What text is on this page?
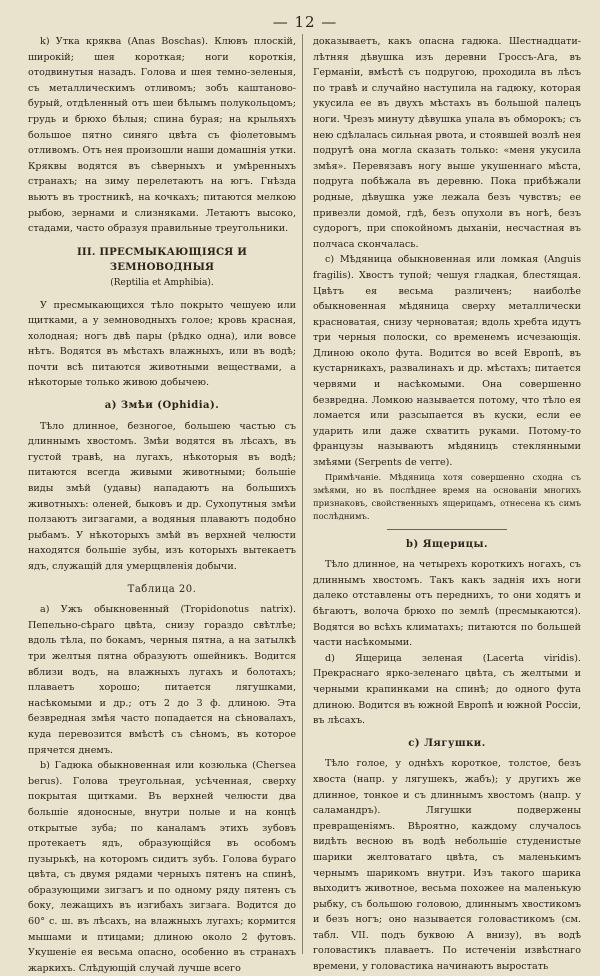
— 12 —

k) Утка кряква (Anas Boschas). Клювъ плоскій, широкій; шея короткая; ноги короткія, отодвинутыя назадъ. Голова и шея темно-зеленыя, съ металлическимъ отливомъ; зобъ каштаново-бурый, отдѣленный отъ шеи бѣлымъ полукольцомъ; грудь и брюхо бѣлыя; спина бурая; на крыльяхъ большое пятно синяго цвѣта съ фіолетовымъ отливомъ. Отъ нея произошли наши домашнія утки. Кряквы водятся въ сѣверныхъ и умѣренныхъ странахъ; на зиму перелетаютъ на югъ. Гнѣзда вьютъ въ тростникѣ, на кочкахъ; питаются мелкою рыбою, зернами и слизняками. Летаютъ высоко, стадами, часто образуя правильные треугольники.

III. ПРЕСМЫКАЮЩІЯСЯ И ЗЕМНОВОДНЫЯ
(Reptilia et Amphibia).

У пресмыкающихся тѣло покрыто чешуею или щитками, а у земноводныхъ голое; кровь красная, холодная; ногъ двѣ пары (рѣдко одна), или вовсе нѣтъ. Водятся въ мѣстахъ влажныхъ, или въ водѣ; почти всѣ питаются животными веществами, а нѣкоторые только живою добычею.

а) Змѣи (Ophidia).

Тѣло длинное, безногое, большею частью съ длиннымъ хвостомъ. Змѣи водятся въ лѣсахъ, въ густой травѣ, на лугахъ, нѣкоторыя въ водѣ; питаются всегда живыми животными; большіе виды змѣй (удавы) нападаютъ на большихъ животныхъ: оленей, быковъ и др. Сухопутныя змѣи ползаютъ зигзагами, а водяныя плаваютъ подобно рыбамъ. У нѣкоторыхъ змѣй въ верхней челюсти находятся большіе зубы, изъ которыхъ вытекаетъ ядъ, служащій для умерщвленія добычи.

Таблица 20.

a) Ужъ обыкновенный (Tropidonotus natrix). Пепельно-сѣраго цвѣта, снизу гораздо свѣтлѣе; вдоль тѣла, по бокамъ, черныя пятна, а на затылкѣ три желтыя пятна образуютъ ошейникъ. Водится вблизи водъ, на влажныхъ лугахъ и болотахъ; плаваетъ хорошо; питается лягушками, насѣкомыми и др.; отъ 2 до 3 ф. длиною. Эта безвредная змѣя часто попадается на сѣновалахъ, куда перевозится вмѣстѣ съ сѣномъ, въ которое прячется днемъ.

b) Гадюка обыкновенная или козюлька (Chersea berus). Голова треугольная, усѣченная, сверху покрытая щитками. Въ верхней челюсти два большіе ядоносные, внутри полые и на концѣ открытые зуба; по каналамъ этихъ зубовъ протекаетъ ядъ, образующійся въ особомъ пузырькѣ, на которомъ сидитъ зубъ. Голова бураго цвѣта, съ двумя рядами черныхъ пятенъ на спинѣ, образующими зигзагъ и по одному ряду пятенъ съ боку, лежащихъ въ изгибахъ зигзага. Водится до 60° с. ш. въ лѣсахъ, на влажныхъ лугахъ; кормится мышами и птицами; длиною около 2 футовъ. Укушеніе ея весьма опасно, особенно въ странахъ жаркихъ. Слѣдующій случай лучше всего

доказываетъ, какъ опасна гадюка. Шестнадцати-лѣтняя дѣвушка изъ деревни Гроссъ-Ага, въ Германіи, вмѣстѣ съ подругою, проходила въ лѣсъ по травѣ и случайно наступила на гадюку, которая укусила ее въ двухъ мѣстахъ въ большой палецъ ноги. Чрезъ минуту дѣвушка упала въ обморокъ; съ нею сдѣлалась сильная рвота, и стоявшей возлѣ нея подругѣ она могла сказать только: «меня укусила змѣя». Перевязавъ ногу выше укушеннаго мѣста, подруга побѣжала въ деревню. Пока прибѣжали родные, дѣвушка уже лежала безъ чувствъ; ее привезли домой, гдѣ, безъ опухоли въ ногѣ, безъ судорогъ, при спокойномъ дыханіи, несчастная въ полчаса скончалась.

c) Мѣдяница обыкновенная или ломкая (Anguis fragilis). Хвостъ тупой; чешуя гладкая, блестящая. Цвѣтъ ея весьма различенъ; наиболѣе обыкновенная мѣдяница сверху металлически красноватая, снизу черноватая; вдоль хребта идутъ три черныя полоски, со временемъ исчезающія. Длиною около фута. Водится во всей Европѣ, въ кустарникахъ, развалинахъ и др. мѣстахъ; питается червями и насѣкомыми. Она совершенно безвредна. Ломкою называется потому, что тѣло ея ломается или разсыпается въ куски, если ее ударить или даже схватить руками. Потому-то французы называютъ мѣдяницъ стеклянными змѣями (Serpents de verre).

Примѣчаніе. Мѣдяница хотя совершенно сходна съ змѣями, но въ послѣднее время на основаніи многихъ признаковъ, свойственныхъ ящерицамъ, отнесена къ симъ послѣднимъ.

b) Ящерицы.

Тѣло длинное, на четырехъ короткихъ ногахъ, съ длиннымъ хвостомъ. Такъ какъ заднія ихъ ноги далеко отставлены отъ переднихъ, то они ходятъ и бѣгаютъ, волоча брюхо по землѣ (пресмыкаются). Водятся во всѣхъ климатахъ; питаются по большей части насѣкомыми.

d) Ящерица зеленая (Lacerta viridis). Прекраснаго ярко-зеленаго цвѣта, съ желтыми и черными крапинками на спинѣ; до одного фута длиною. Водится въ южной Европѣ и южной Россіи, въ лѣсахъ.

c) Лягушки.

Тѣло голое, у однѣхъ короткое, толстое, безъ хвоста (напр. у лягушекъ, жабъ); у другихъ же длинное, тонкое и съ длиннымъ хвостомъ (напр. у саламандръ). Лягушки подвержены превращеніямъ. Вѣроятно, каждому случалось видѣть весною въ водѣ небольшіе студенистые шарики желтоватаго цвѣта, съ маленькимъ чернымъ шарикомъ внутри. Изъ такого шарика выходитъ животное, весьма похожее на маленькую рыбку, съ большою головою, длиннымъ хвостикомъ и безъ ногъ; оно называется головастикомъ (см. табл. VII. подъ буквою А внизу), въ водѣ головастикъ плаваетъ. По истеченіи извѣстнаго времени, у головастика начинаютъ выростать
